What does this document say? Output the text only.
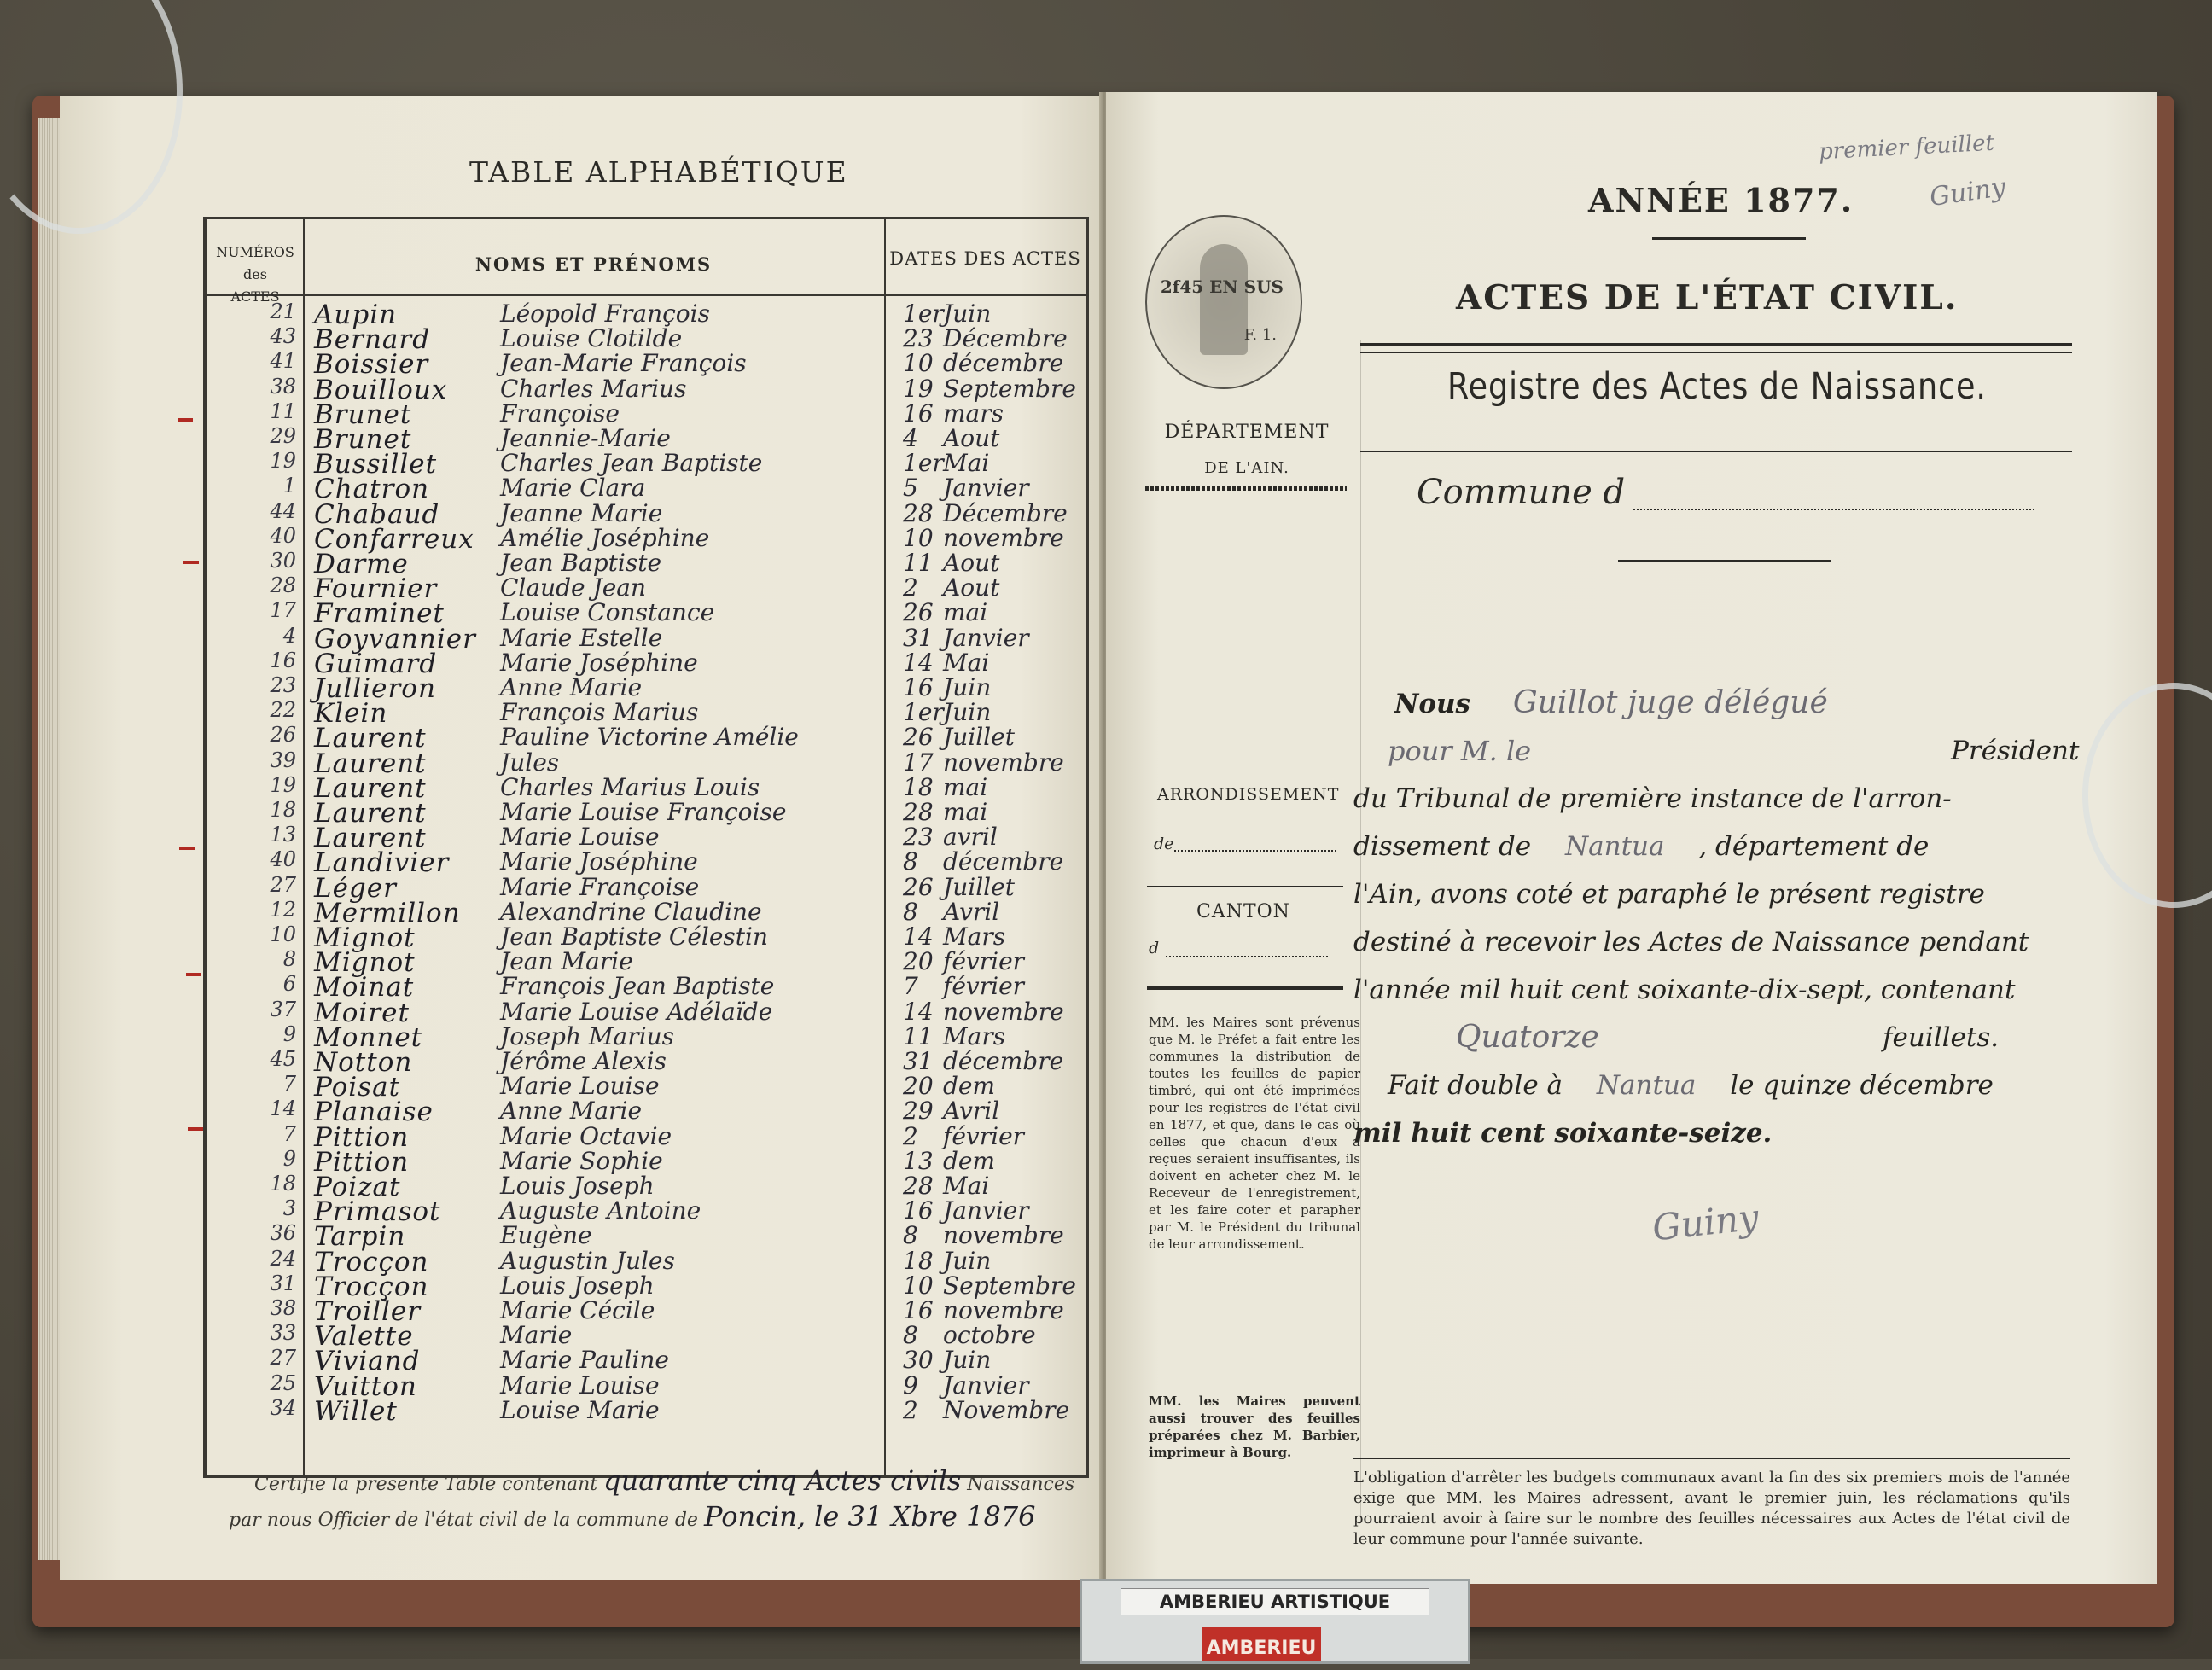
TABLE ALPHABÉTIQUE
NUMÉROS
des
ACTES
NOMS ET PRÉNOMS	DATES DES ACTES
21 Aupin	Léopold François	1er Juin
43 Bernard	Louise Clotilde	23 Décembre
41 Boissier	Jean-Marie François	10 décembre
38 Bouilloux Charles Marius	19 Septembre
11 Brunet	Françoise	16 mars
29 Brunet	Jeannie-Marie	4	Aout
19 Bussillet	Charles Jean Baptiste	1er Mai
1 Chatron	Marie Clara	5	Janvier
44 Chabaud	Jeanne Marie	28 Décembre
40 Confarreux Amélie Joséphine	10 novembre
30 Darme	Jean Baptiste	11 Aout
28 Fournier	Claude Jean	2	Aout
17 Framinet Louise Constance	26 mai
4 Goyvannier Marie Estelle	31 Janvier
16 Guimard	Marie Joséphine	14 Mai
23 Jullieron	Anne Marie	16 Juin
22 Klein	François Marius	1er Juin
26 Laurent	Pauline Victorine Amélie	26 Juillet
39 Laurent	Jules	17 novembre
19 Laurent	Charles Marius Louis	18 mai
18 Laurent	Marie Louise Françoise	28 mai
13 Laurent	Marie Louise	23 avril
40 Landivier Marie Joséphine	8	décembre
27 Léger	Marie Françoise	26 Juillet
12 Mermillon Alexandrine Claudine	8	Avril
10 Mignot	Jean Baptiste Célestin	14 Mars
8 Mignot	Jean Marie	20 février
6 Moinat	François Jean Baptiste	7	février
37 Moiret	Marie Louise Adélaïde	14 novembre
9 Monnet	Joseph Marius	11 Mars
45 Notton	Jérôme Alexis	31 décembre
7 Poisat	Marie Louise	20 dem
14 Planaise	Anne Marie	29 Avril
7 Pittion	Marie Octavie	2	février
9 Pittion	Marie Sophie	13 dem
18 Poizat	Louis Joseph	28 Mai
3 Primasot Auguste Antoine	16 Janvier
36 Tarpin	Eugène	8	novembre
24 Trocçon	Augustin Jules	18 Juin
31 Trocçon	Louis Joseph	10 Septembre
38 Troiller	Marie Cécile	16 novembre
33 Valette	Marie	8	octobre
27 Viviand	Marie Pauline	30 Juin
25 Vuitton	Marie Louise	9	Janvier
34 Willet	Louise Marie	2	Novembre
Certifié la présente Table contenant quarante cinq Actes civils Naissances
par nous Officier de l'état civil de la commune de Poncin, le 31 Xbre 1876
premier feuillet
Guiny
2f45 EN SUS
F. 1.
ANNÉE 1877.
ACTES DE L'ÉTAT CIVIL.
Registre des Actes de Naissance.
Commune d
DÉPARTEMENT
DE L'AIN.
ARRONDISSEMENT
de
CANTON
d
MM. les Maires sont prévenus que M. le Préfet a fait entre les communes la distribution de toutes les feuilles de papier timbré, qui ont été imprimées pour les registres de l'état civil en 1877, et que, dans le cas où celles que chacun d'eux a reçues seraient insuffisantes, ils doivent en acheter chez M. le Receveur de l'enregistrement, et les faire coter et parapher par M. le Président du tribunal de leur arrondissement.
MM. les Maires peuvent aussi trouver des feuilles préparées chez M. Barbier, imprimeur à Bourg.
Nous Guillot juge délégué
pour M. le	Président
du Tribunal de première instance de l'arron-
dissement de Nantua , département de
l'Ain, avons coté et paraphé le présent registre
destiné à recevoir les Actes de Naissance pendant
l'année mil huit cent soixante-dix-sept, contenant
Quatorze	feuillets.
Fait double à Nantua le quinze décembre
mil huit cent soixante-seize.
Guiny
L'obligation d'arrêter les budgets communaux avant la fin des six premiers mois de l'année exige que MM. les Maires adressent, avant le premier juin, les réclamations qu'ils pourraient avoir à faire sur le nombre des feuilles nécessaires aux Actes de l'état civil de leur commune pour l'année suivante.
AMBERIEU ARTISTIQUE
AMBERIEU
